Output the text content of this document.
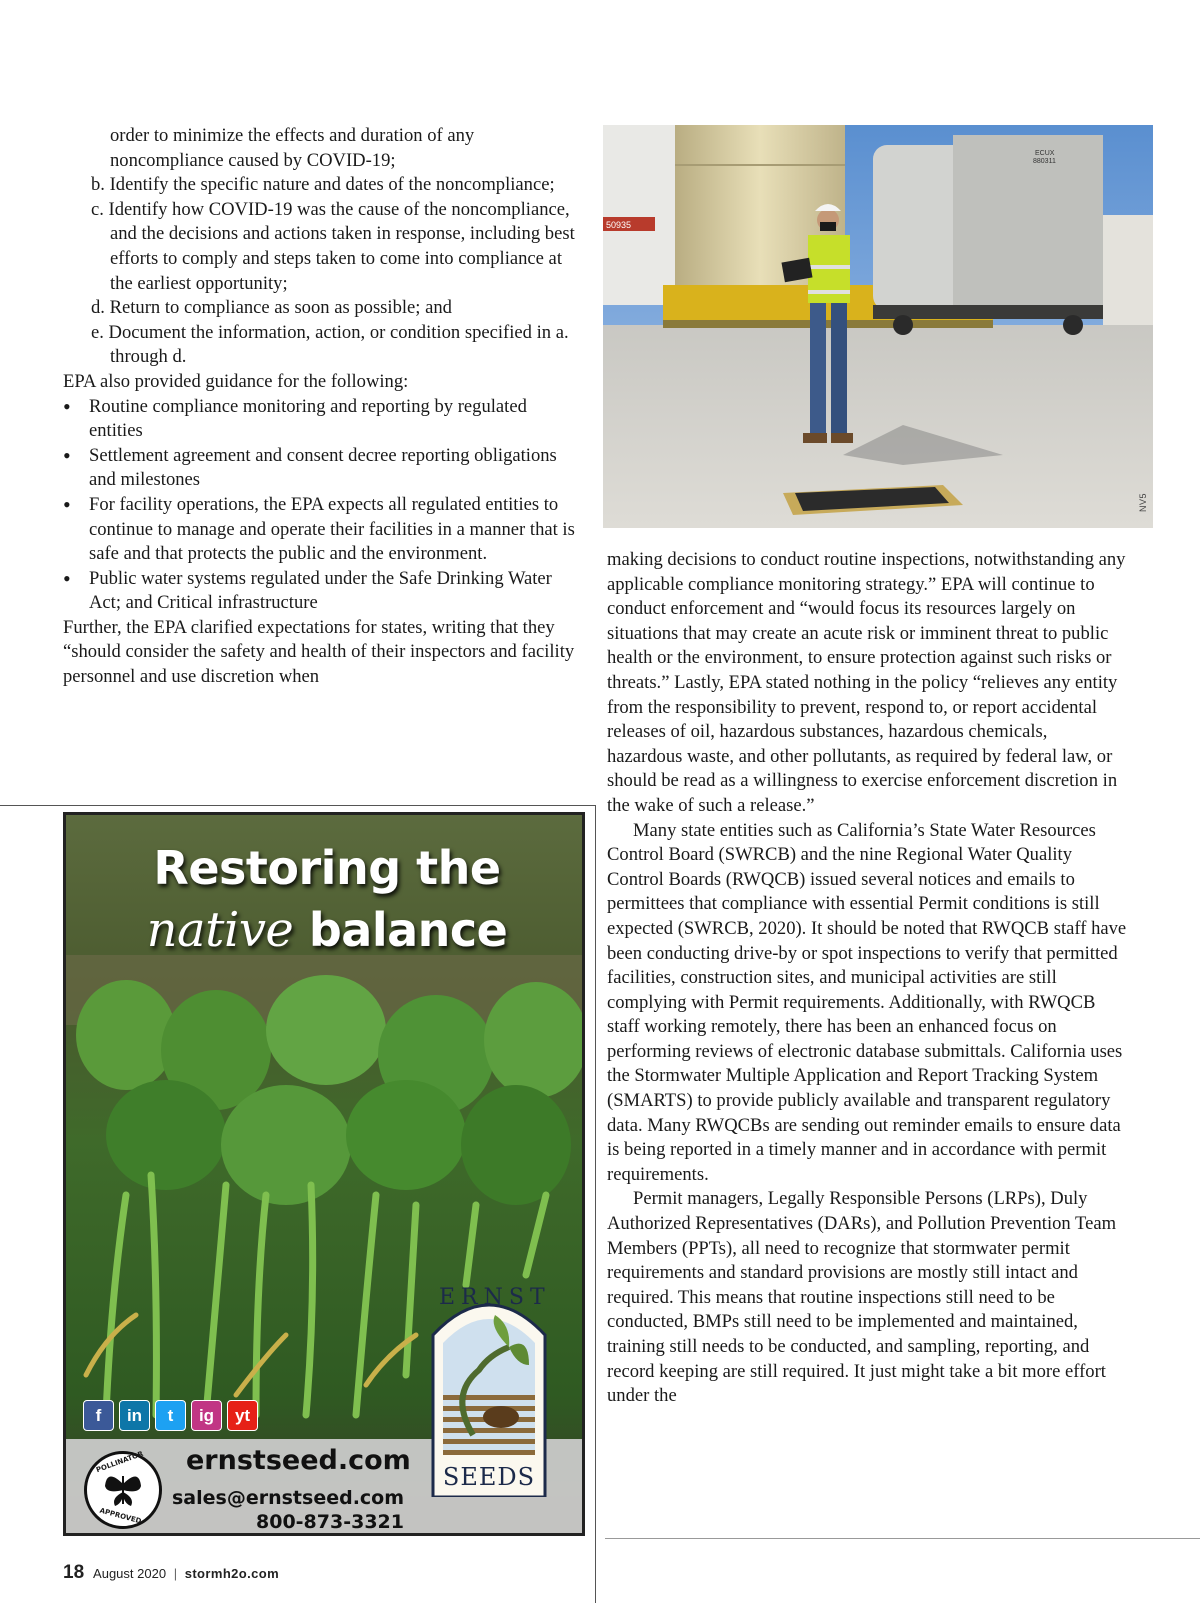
order to minimize the effects and duration of any noncompliance caused by COVID-19;

b. Identify the specific nature and dates of the noncompliance;

c. Identify how COVID-19 was the cause of the noncompliance, and the decisions and actions taken in response, including best efforts to comply and steps taken to come into compliance at the earliest opportunity;

d. Return to compliance as soon as possible; and

e. Document the information, action, or condition specified in a. through d.

EPA also provided guidance for the following:

• Routine compliance monitoring and reporting by regulated entities

• Settlement agreement and consent decree reporting obligations and milestones

• For facility operations, the EPA expects all regulated entities to continue to manage and operate their facilities in a manner that is safe and that protects the public and the environment.

• Public water systems regulated under the Safe Drinking Water Act; and Critical infrastructure

Further, the EPA clarified expectations for states, writing that they “should consider the safety and health of their inspectors and facility personnel and use discretion when

50935
ECUX
880311
NV5

making decisions to conduct routine inspections, notwithstanding any applicable compliance monitoring strategy.” EPA will continue to conduct enforcement and “would focus its resources largely on situations that may create an acute risk or imminent threat to public health or the environment, to ensure protection against such risks or threats.” Lastly, EPA stated nothing in the policy “relieves any entity from the responsibility to prevent, respond to, or report accidental releases of oil, hazardous substances, hazardous chemicals, hazardous waste, and other pollutants, as required by federal law, or should be read as a willingness to exercise enforcement discretion in the wake of such a release.”

Many state entities such as California’s State Water Resources Control Board (SWRCB) and the nine Regional Water Quality Control Boards (RWQCB) issued several notices and emails to permittees that compliance with essential Permit conditions is still expected (SWRCB, 2020). It should be noted that RWQCB staff have been conducting drive-by or spot inspections to verify that permitted facilities, construction sites, and municipal activities are still complying with Permit requirements. Additionally, with RWQCB staff working remotely, there has been an enhanced focus on performing reviews of electronic database submittals. California uses the Stormwater Multiple Application and Report Tracking System (SMARTS) to provide publicly available and transparent regulatory data. Many RWQCBs are sending out reminder emails to ensure data is being reported in a timely manner and in accordance with permit requirements.

Permit managers, Legally Responsible Persons (LRPs), Duly Authorized Representatives (DARs), and Pollution Prevention Team Members (PPTs), all need to recognize that stormwater permit requirements and standard provisions are mostly still intact and required. This means that routine inspections still need to be conducted, BMPs still need to be implemented and maintained, training still needs to be conducted, and sampling, reporting, and record keeping are still required. It just might take a bit more effort under the

Restoring the
native balance
f	in	t	ig	yt
POLLINATOR
APPROVED
ernstseed.com
sales@ernstseed.com
800-873-3321
ERNST
SEEDS
18 August 2020 | stormh2o.com
